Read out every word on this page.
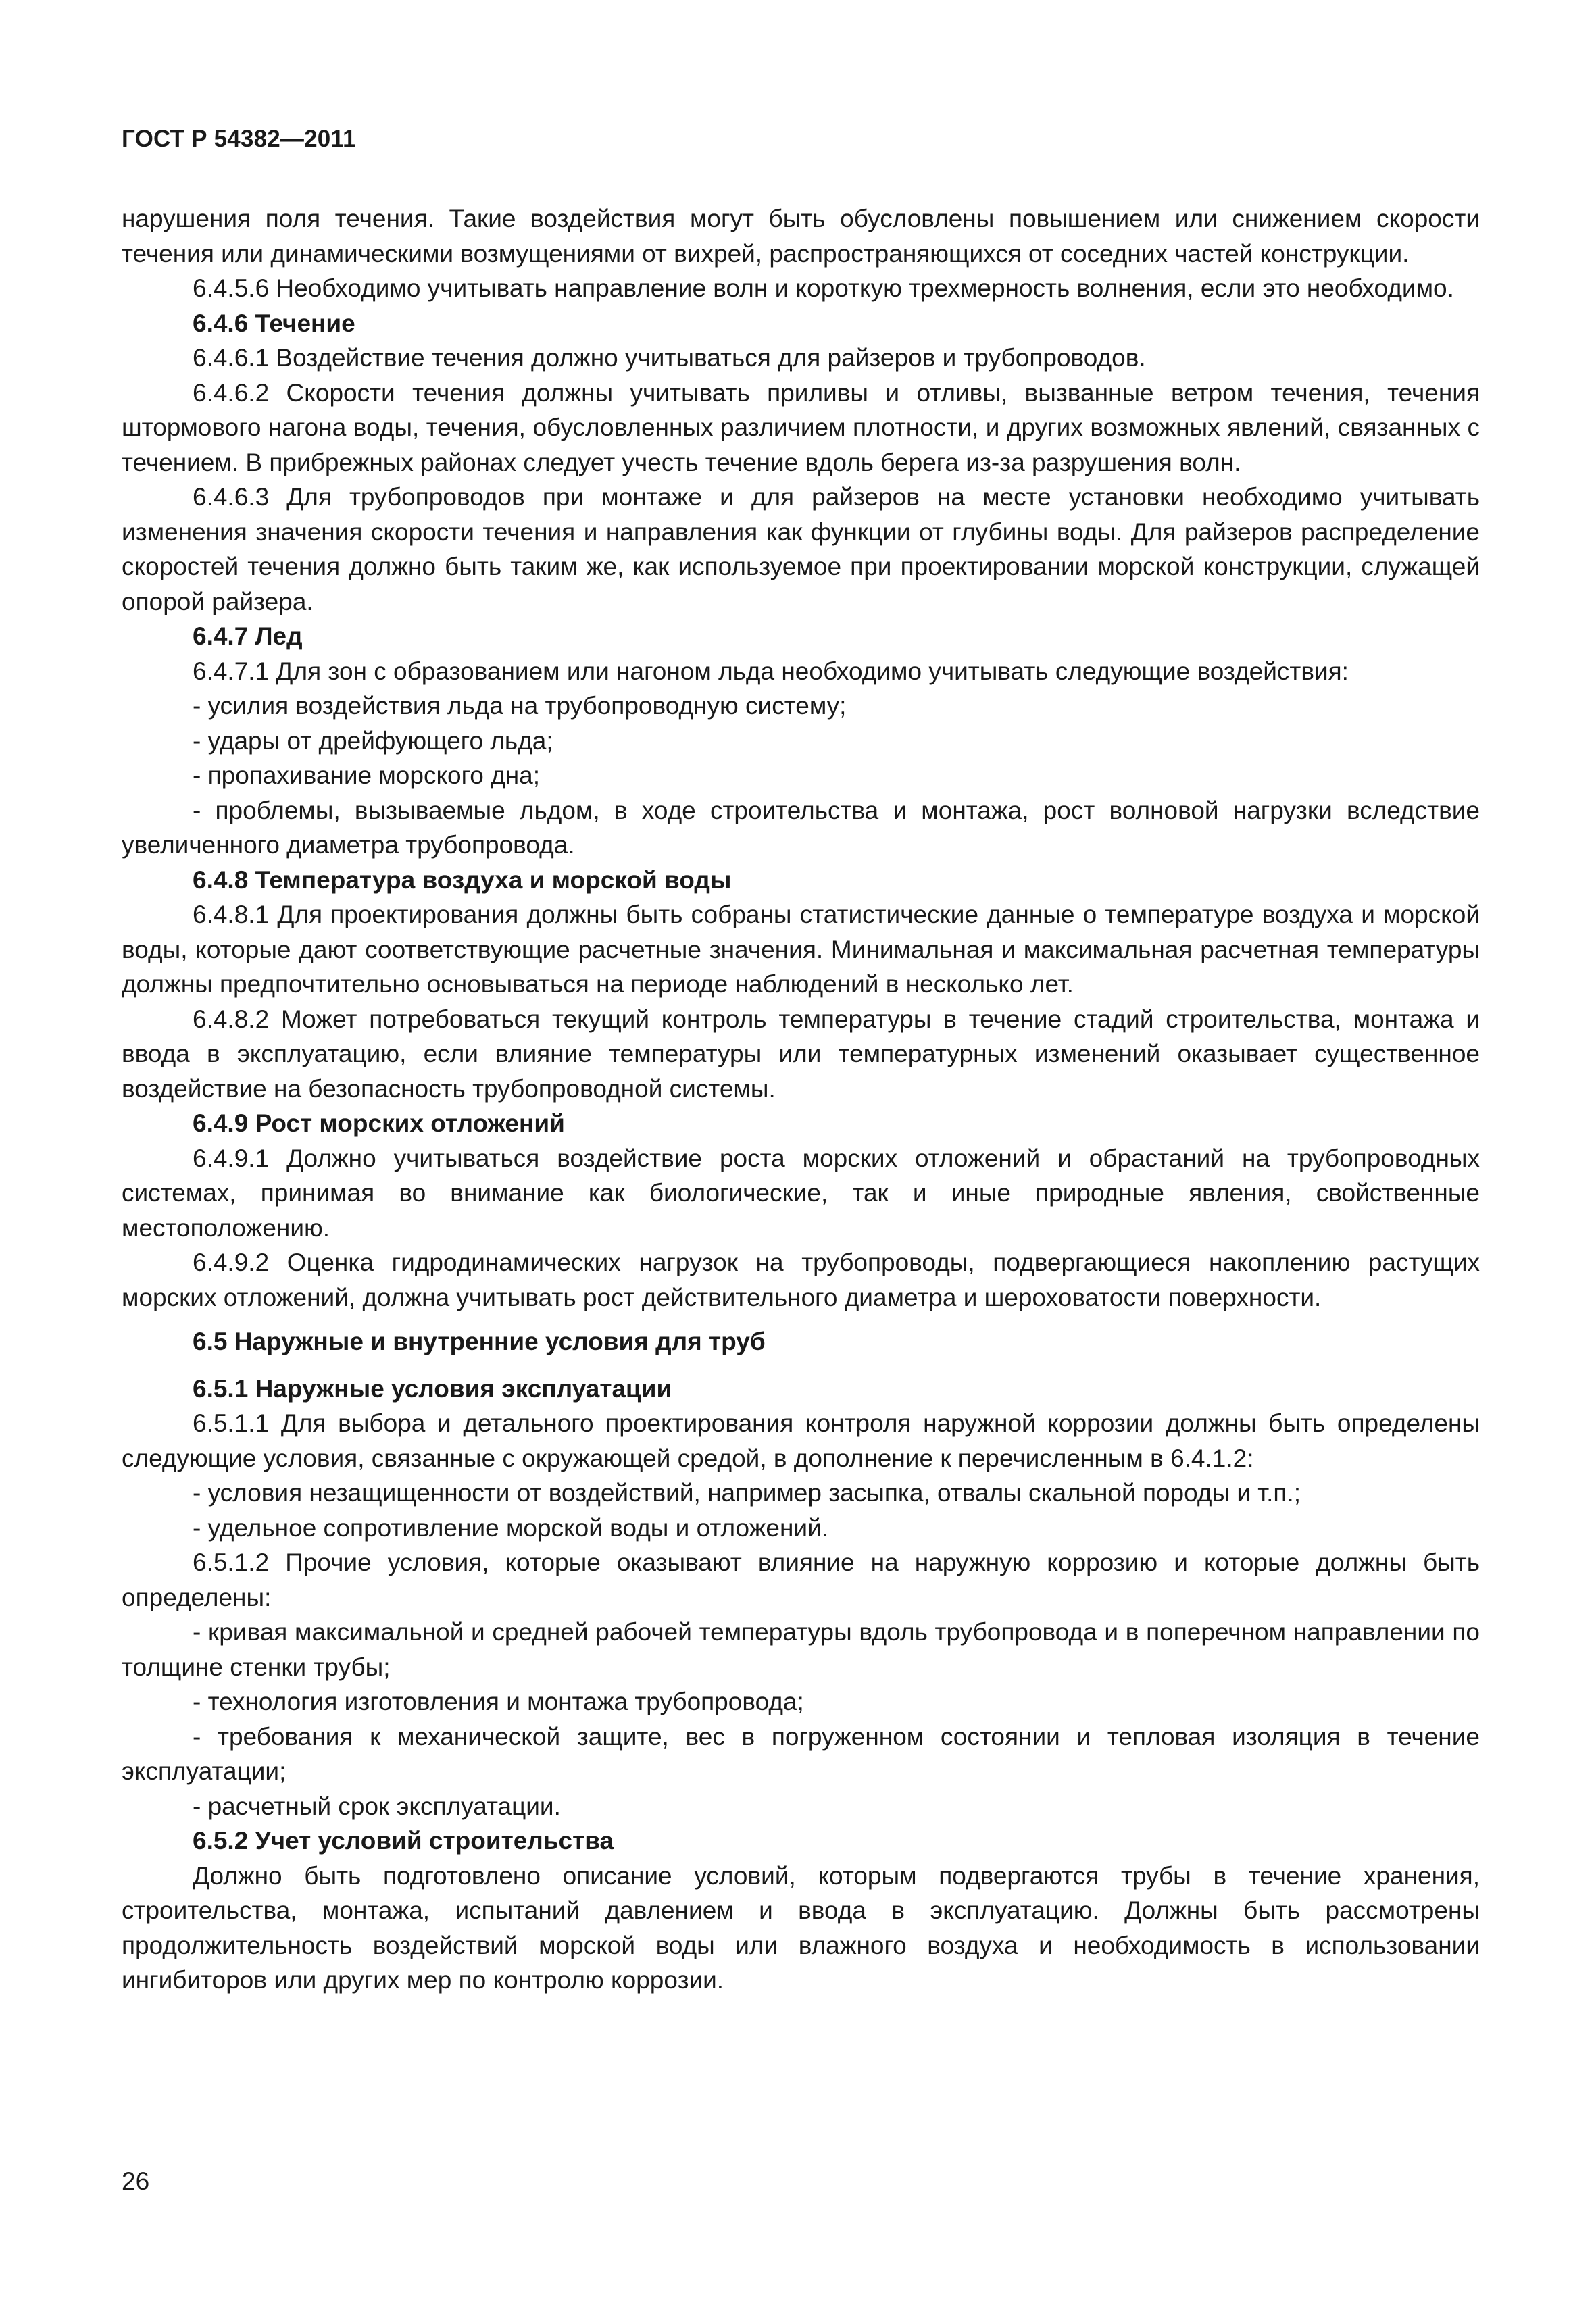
ГОСТ Р 54382—2011

нарушения поля течения. Такие воздействия могут быть обусловлены повышением или снижением скорости течения или динамическими возмущениями от вихрей, распространяющихся от соседних частей конструкции.

6.4.5.6 Необходимо учитывать направление волн и короткую трехмерность волнения, если это необходимо.

6.4.6 Течение

6.4.6.1 Воздействие течения должно учитываться для райзеров и трубопроводов.

6.4.6.2 Скорости течения должны учитывать приливы и отливы, вызванные ветром течения, течения штормового нагона воды, течения, обусловленных различием плотности, и других возможных явлений, связанных с течением. В прибрежных районах следует учесть течение вдоль берега из-за разрушения волн.

6.4.6.3 Для трубопроводов при монтаже и для райзеров на месте установки необходимо учитывать изменения значения скорости течения и направления как функции от глубины воды. Для райзеров распределение скоростей течения должно быть таким же, как используемое при проектировании морской конструкции, служащей опорой райзера.

6.4.7 Лед

6.4.7.1 Для зон с образованием или нагоном льда необходимо учитывать следующие воздействия:

- усилия воздействия льда на трубопроводную систему;

- удары от дрейфующего льда;

- пропахивание морского дна;

- проблемы, вызываемые льдом, в ходе строительства и монтажа, рост волновой нагрузки вследствие увеличенного диаметра трубопровода.

6.4.8 Температура воздуха и морской воды

6.4.8.1 Для проектирования должны быть собраны статистические данные о температуре воздуха и морской воды, которые дают соответствующие расчетные значения. Минимальная и максимальная расчетная температуры должны предпочтительно основываться на периоде наблюдений в несколько лет.

6.4.8.2 Может потребоваться текущий контроль температуры в течение стадий строительства, монтажа и ввода в эксплуатацию, если влияние температуры или температурных изменений оказывает существенное воздействие на безопасность трубопроводной системы.

6.4.9 Рост морских отложений

6.4.9.1 Должно учитываться воздействие роста морских отложений и обрастаний на трубопроводных системах, принимая во внимание как биологические, так и иные природные явления, свойственные местоположению.

6.4.9.2 Оценка гидродинамических нагрузок на трубопроводы, подвергающиеся накоплению растущих морских отложений, должна учитывать рост действительного диаметра и шероховатости поверхности.

6.5 Наружные и внутренние условия для труб

6.5.1 Наружные условия эксплуатации

6.5.1.1 Для выбора и детального проектирования контроля наружной коррозии должны быть определены следующие условия, связанные с окружающей средой, в дополнение к перечисленным в 6.4.1.2:

- условия незащищенности от воздействий, например засыпка, отвалы скальной породы и т.п.;

- удельное сопротивление морской воды и отложений.

6.5.1.2 Прочие условия, которые оказывают влияние на наружную коррозию и которые должны быть определены:

- кривая максимальной и средней рабочей температуры вдоль трубопровода и в поперечном направлении по толщине стенки трубы;

- технология изготовления и монтажа трубопровода;

- требования к механической защите, вес в погруженном состоянии и тепловая изоляция в течение эксплуатации;

- расчетный срок эксплуатации.

6.5.2 Учет условий строительства

Должно быть подготовлено описание условий, которым подвергаются трубы в течение хранения, строительства, монтажа, испытаний давлением и ввода в эксплуатацию. Должны быть рассмотрены продолжительность воздействий морской воды или влажного воздуха и необходимость в использовании ингибиторов или других мер по контролю коррозии.

26
